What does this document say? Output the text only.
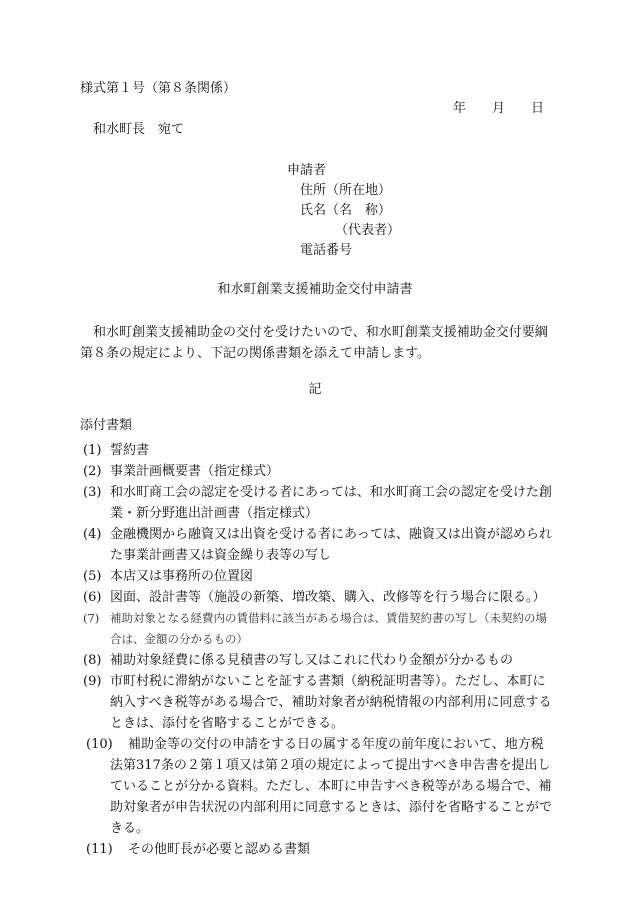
様式第１号（第８条関係）
年 月 日
和水町長　宛て
申請者
住所（所在地）
氏名（名　称）
（代表者）
電話番号
和水町創業支援補助金交付申請書
和水町創業支援補助金の交付を受けたいので、和水町創業支援補助金交付要綱第８条の規定により、下記の関係書類を添えて申請します。
記
添付書類
(1) 誓約書
(2) 事業計画概要書（指定様式）
(3) 和水町商工会の認定を受ける者にあっては、和水町商工会の認定を受けた創業・新分野進出計画書（指定様式）
(4) 金融機関から融資又は出資を受ける者にあっては、融資又は出資が認められた事業計画書又は資金繰り表等の写し
(5) 本店又は事務所の位置図
(6) 図面、設計書等（施設の新築、増改築、購入、改修等を行う場合に限る。）
(7) 補助対象となる経費内の賃借料に該当がある場合は、賃借契約書の写し（未契約の場合は、金額の分かるもの）
(8) 補助対象経費に係る見積書の写し又はこれに代わり金額が分かるもの
(9) 市町村税に滞納がないことを証する書類（納税証明書等）。ただし、本町に納入すべき税等がある場合で、補助対象者が納税情報の内部利用に同意するときは、添付を省略することができる。
(10)	補助金等の交付の申請をする日の属する年度の前年度において、地方税法第317条の２第１項又は第２項の規定によって提出すべき申告書を提出していることが分かる資料。ただし、本町に申告すべき税等がある場合で、補助対象者が申告状況の内部利用に同意するときは、添付を省略することができる。
(11)	その他町長が必要と認める書類
